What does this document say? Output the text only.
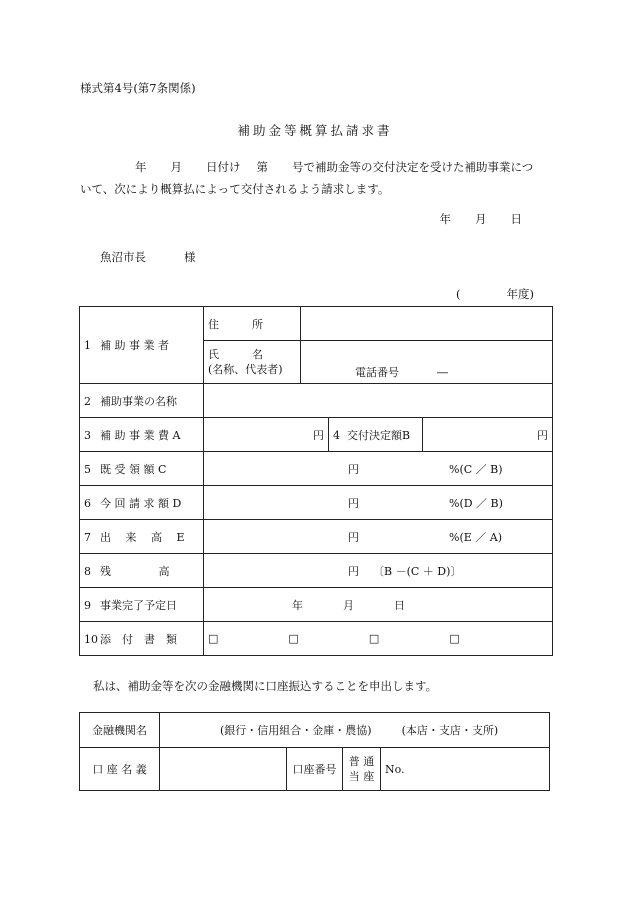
様式第4号(第7条関係)
補助金等概算払請求書
年 月 日付け 第 号で補助金等の交付決定を受けた補助事業につ
いて、次により概算払によって交付されるよう請求します。
年 月 日
魚沼市長	様
(	年度)
1 補 助 事 業 者	住　　　所			

	氏　　　名
(名称、代表者)	電話番号 ―		
2 補助事業の名称				
3 補 助 事 業 費 A	円		4 交付決定額B	円
5 既 受 領 額 C	円 %(C ／ B)			
6 今 回 請 求 額 D	円 %(D ／ B)			
7 出　 来　 高　 E	円 %(E ／ A)			
8 残　　　　 高	円 〔B －(C ＋ D)〕			
9 事業完了予定日	年 月 日			
10 添　付　書　類	□ □ □ □			
私は、補助金等を次の金融機関に口座振込することを申出します。
金融機関名	(銀行・信用組合・金庫・農協) (本店・支店・支所)			
口 座 名 義		口座番号	普 通
当 座	No.
